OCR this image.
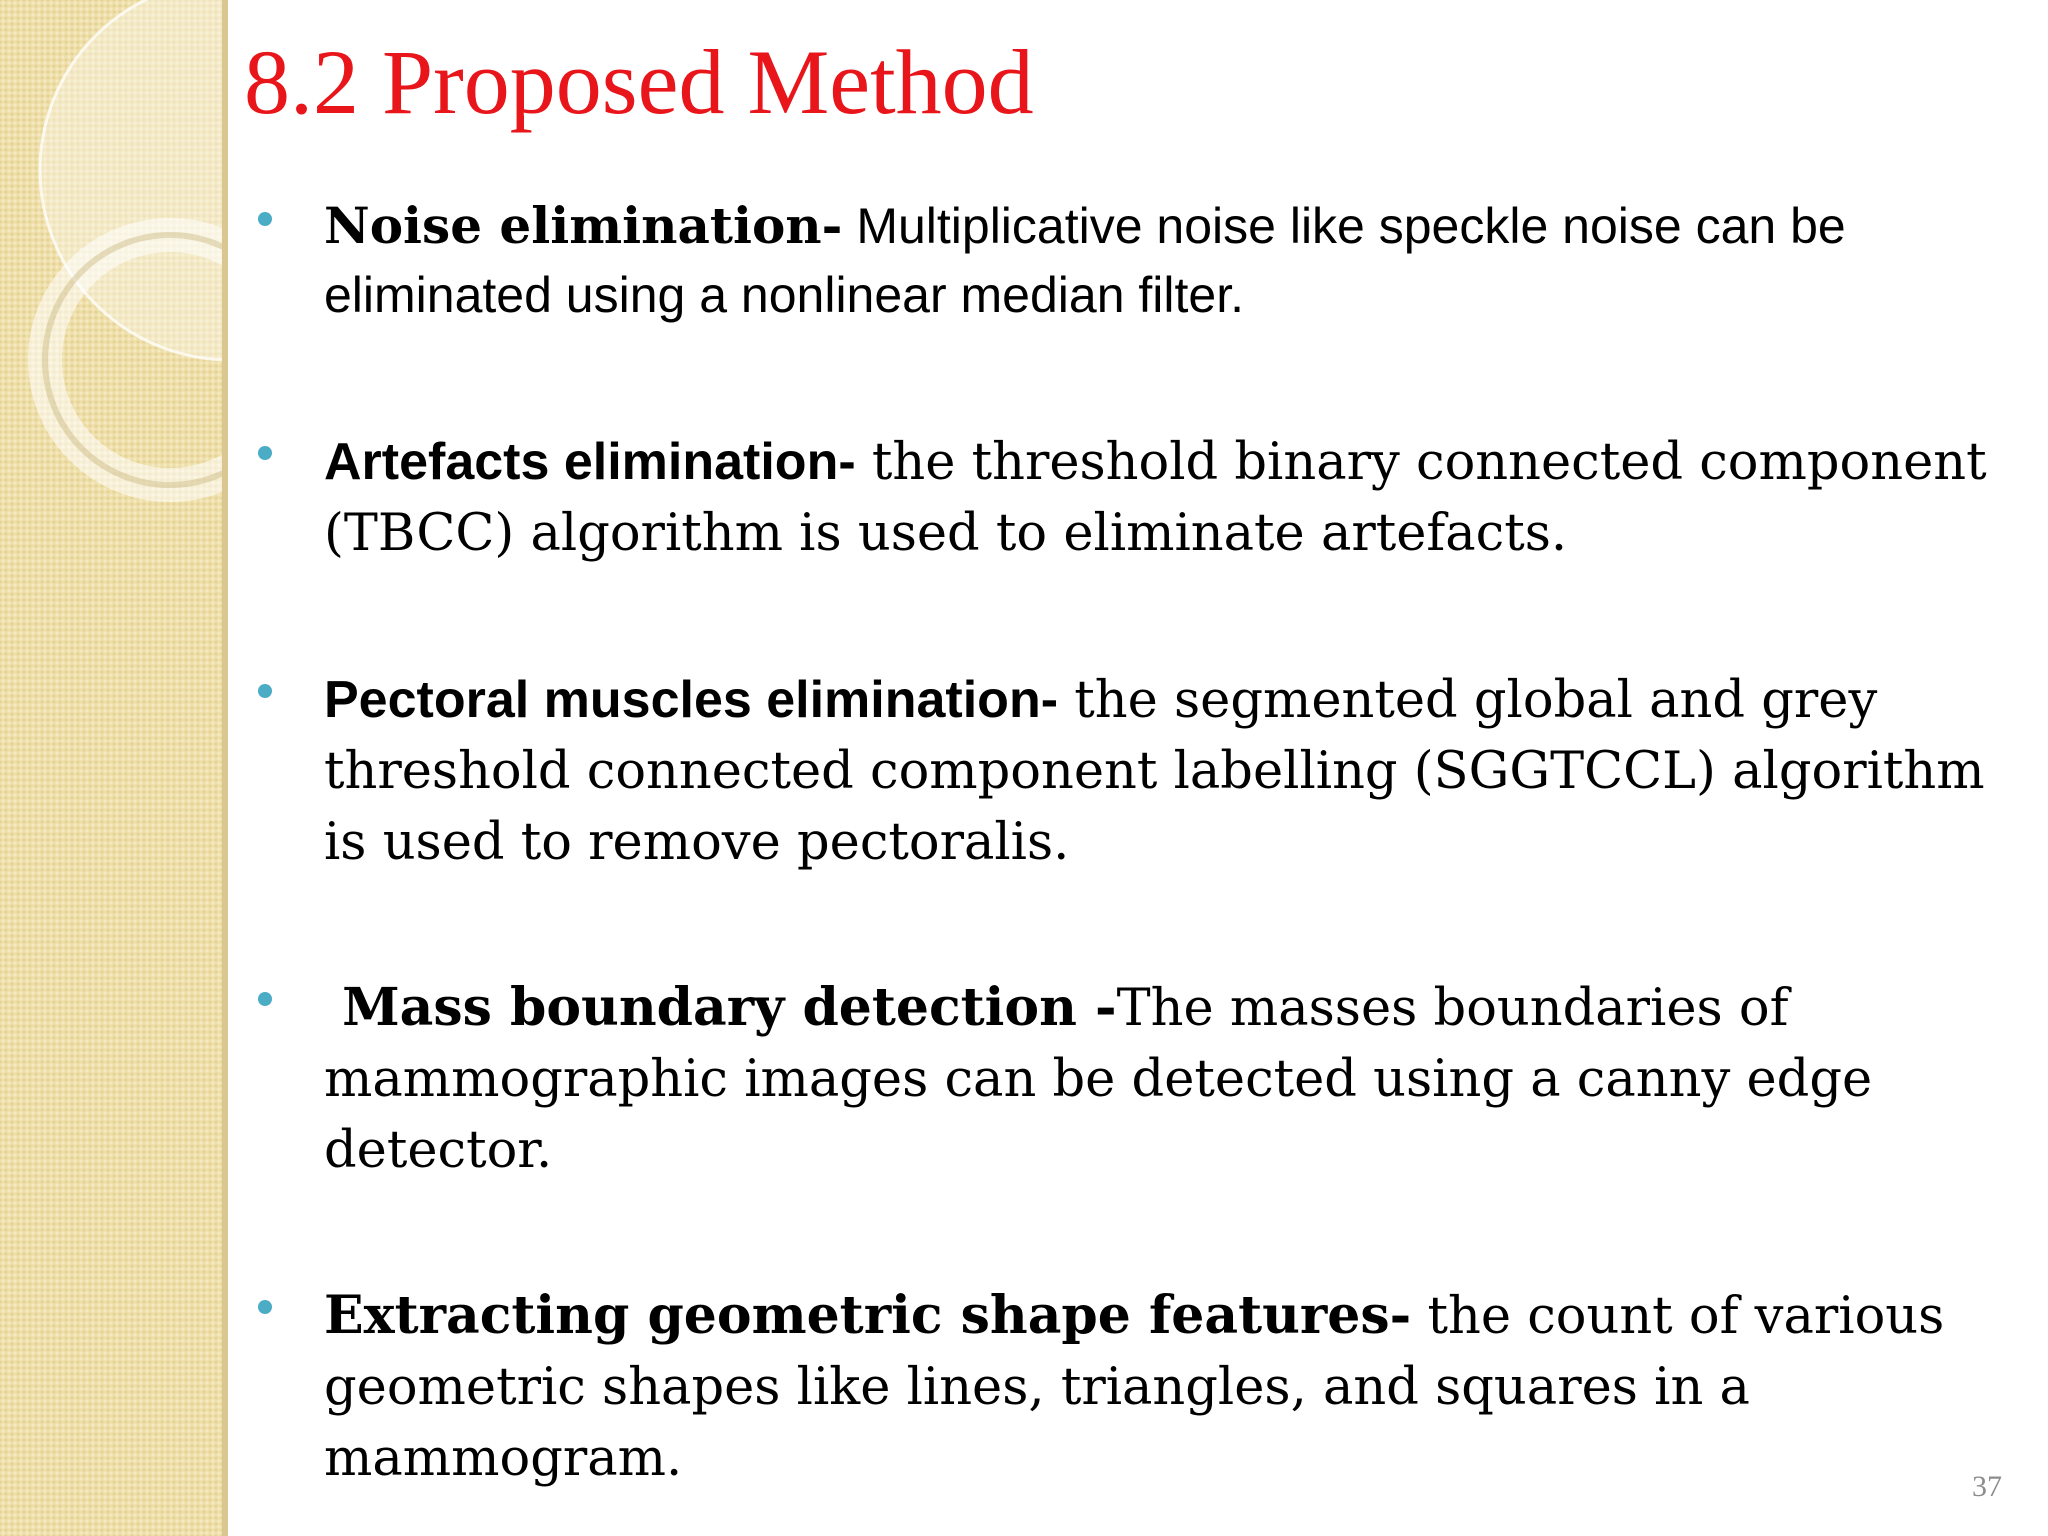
8.2 Proposed Method
Noise elimination- Multiplicative noise like speckle noise can be eliminated using a nonlinear median filter.
Artefacts elimination- the threshold binary connected component (TBCC) algorithm is used to eliminate artefacts.
Pectoral muscles elimination- the segmented global and grey threshold connected component labelling (SGGTCCL) algorithm is used to remove pectoralis.
Mass boundary detection -The masses boundaries of mammographic images can be detected using a canny edge detector.
Extracting geometric shape features- the count of various geometric shapes like lines, triangles, and squares in a mammogram.	37
